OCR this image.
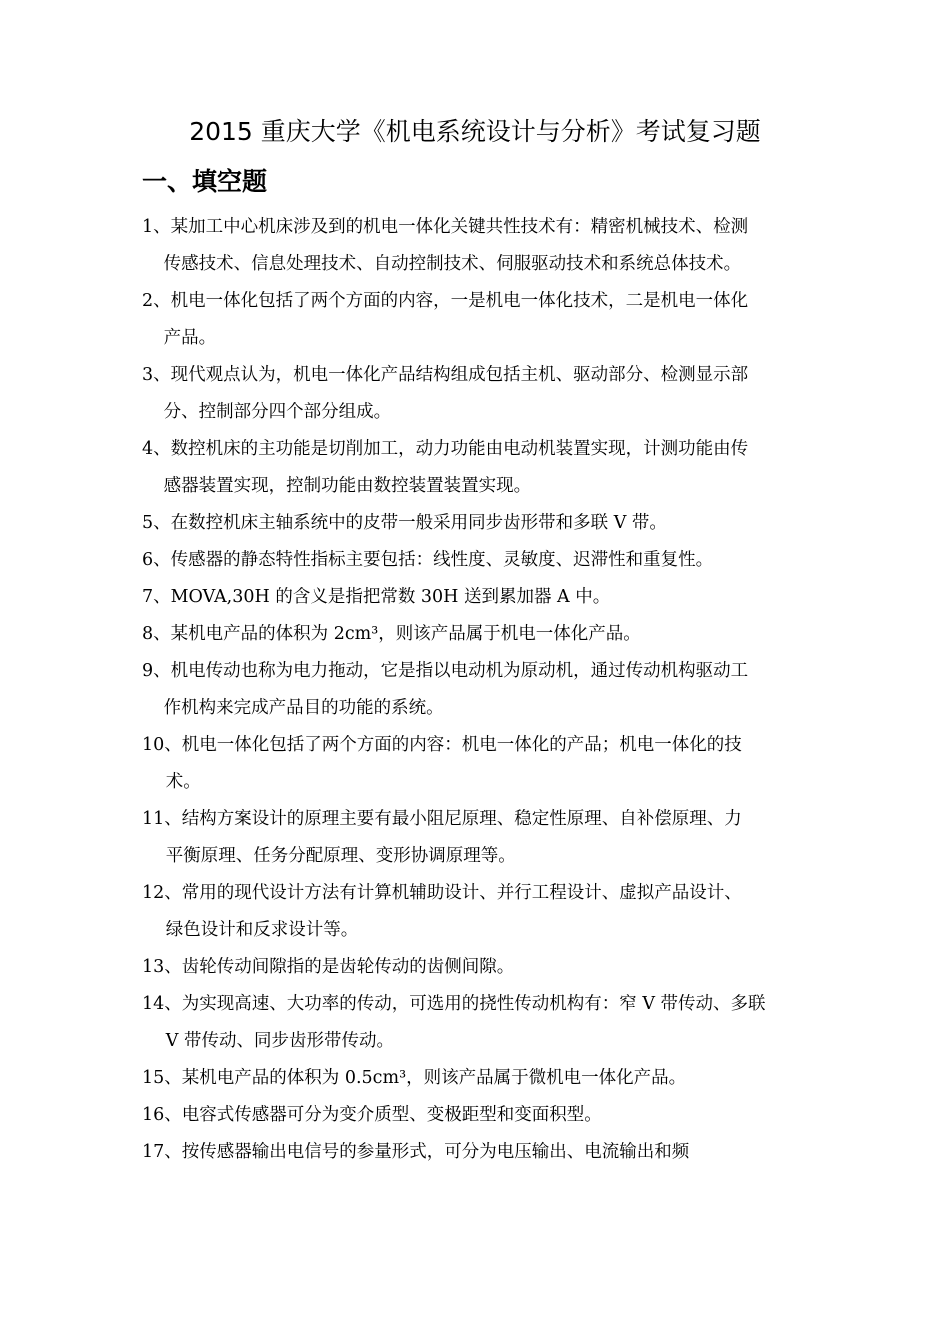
2015 重庆大学《机电系统设计与分析》考试复习题
一、填空题
1、 某加工中心机床涉及到的机电一体化关键共性技术有：精密机械技术、检测
传感技术、信息处理技术、自动控制技术、伺服驱动技术和系统总体技术。
2、 机电一体化包括了两个方面的内容，一是机电一体化技术，二是机电一体化
产品。
3、 现代观点认为，机电一体化产品结构组成包括主机、驱动部分、检测显示部
分、控制部分四个部分组成。
4、 数控机床的主功能是切削加工，动力功能由电动机装置实现，计测功能由传
感器装置实现，控制功能由数控装置装置实现。
5、 在数控机床主轴系统中的皮带一般采用同步齿形带和多联 V 带。
6、 传感器的静态特性指标主要包括：线性度、灵敏度、迟滞性和重复性。
7、 MOVA,30H 的含义是指把常数 30H 送到累加器 A 中。
8、 某机电产品的体积为 2cm³，则该产品属于机电一体化产品。
9、 机电传动也称为电力拖动，它是指以电动机为原动机，通过传动机构驱动工
作机构来完成产品目的功能的系统。
10、 机电一体化包括了两个方面的内容：机电一体化的产品；机电一体化的技
术。
11、 结构方案设计的原理主要有最小阻尼原理、稳定性原理、自补偿原理、力
平衡原理、任务分配原理、变形协调原理等。
12、 常用的现代设计方法有计算机辅助设计、并行工程设计、虚拟产品设计、
绿色设计和反求设计等。
13、 齿轮传动间隙指的是齿轮传动的齿侧间隙。
14、 为实现高速、大功率的传动，可选用的挠性传动机构有：窄 V 带传动、多联
V 带传动、同步齿形带传动。
15、 某机电产品的体积为 0.5cm³，则该产品属于微机电一体化产品。
16、 电容式传感器可分为变介质型、变极距型和变面积型。
17、 按传感器输出电信号的参量形式，可分为电压输出、电流输出和频
